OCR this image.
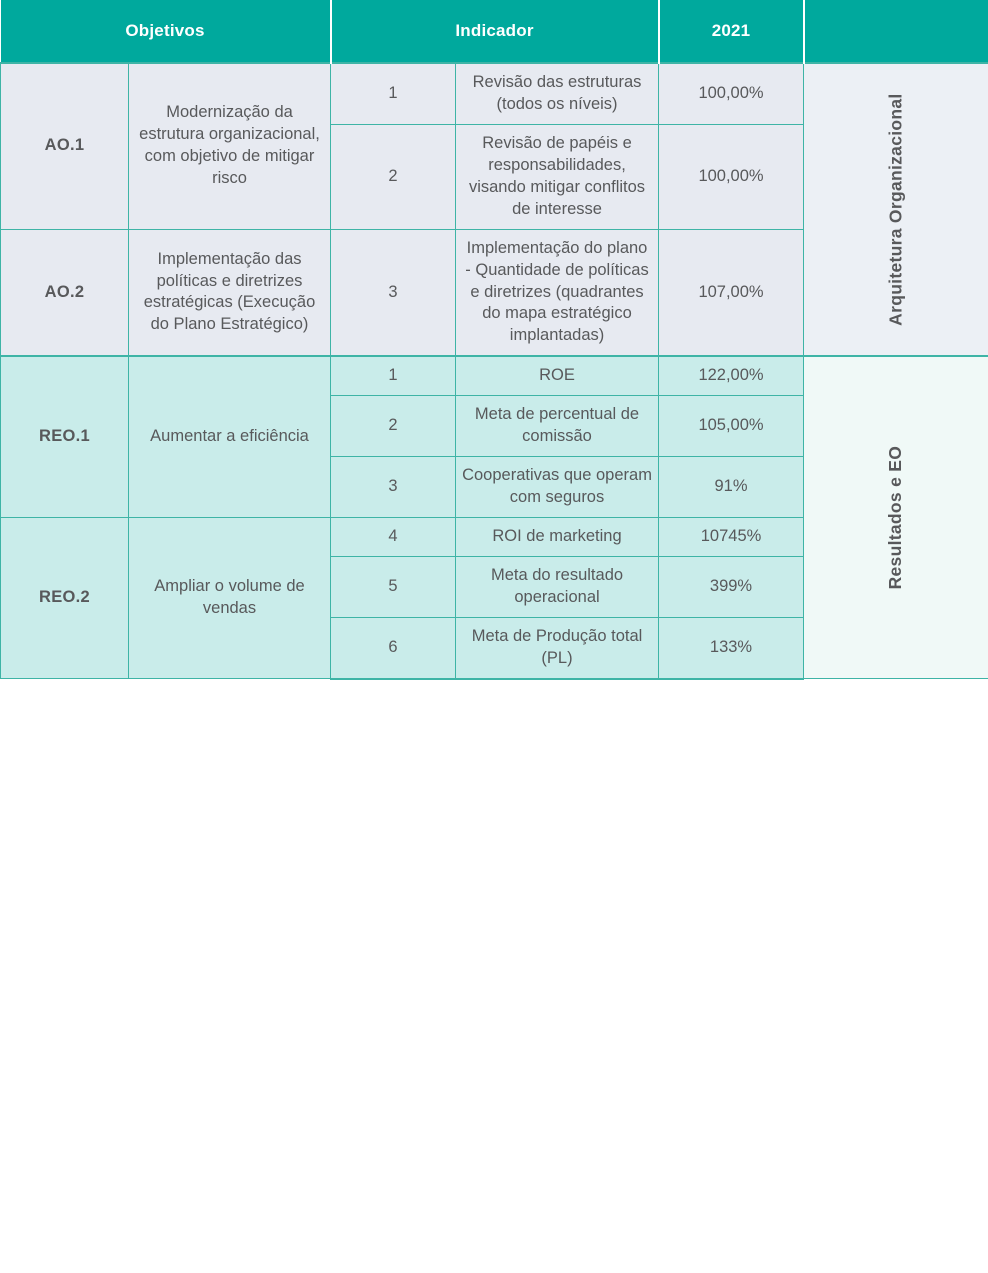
Objetivos		Indicador		2021	
AO.1	Modernização da estrutura organizacional, com objetivo de mitigar risco	1	Revisão das estruturas (todos os níveis)	100,00%	Arquitetura Organizacional

		2	Revisão de papéis e responsabilidades, visando mitigar conflitos de interesse	100,00%	
AO.2	Implementação das políticas e diretrizes estratégicas (Execução do Plano Estratégico)	3	Implementação do plano - Quantidade de políticas e diretrizes (quadrantes do mapa estratégico implantadas)	107,00%	
REO.1	Aumentar a eficiência	1	ROE	122,00%	Resultados e EO

		2	Meta de percentual de comissão	105,00%	
		3	Cooperativas que operam com seguros	91%	
REO.2	Ampliar o volume de vendas	4	ROI de marketing	10745%	
		5	Meta do resultado operacional	399%	
		6	Meta de Produção total (PL)	133%	
